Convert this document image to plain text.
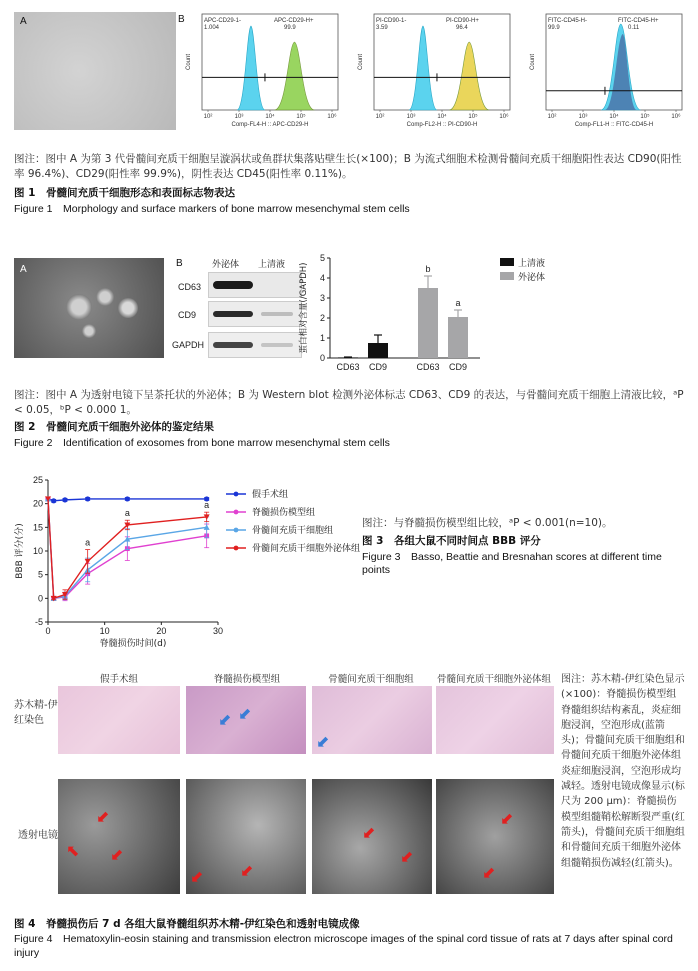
A	B	APC-CD29-1-
1.004
APC-CD29-H+
99.9
Comp-FL4-H :: APC-CD29-H
Count
10²	10³	10⁴	10⁵	10⁶
PI-CD90-1-
3.59
PI-CD90-H+
96.4
Comp-FL2-H :: PI-CD90-H
Count
10²	10³	10⁴	10⁵	10⁶
FITC-CD45-H-
99.9
FITC-CD45-H+
0.11
Comp-FL1-H :: FITC-CD45-H
Count
10²	10³	10⁴	10⁵	10⁶
图注：图中 A 为第 3 代骨髓间充质干细胞呈漩涡状或鱼群状集落贴壁生长(×100)；B 为流式细胞术检测骨髓间充质干细胞阳性表达 CD90(阳性率 96.4%)、CD29(阳性率 99.9%)，阴性表达 CD45(阳性率 0.11%)。
图 1　骨髓间充质干细胞形态和表面标志物表达
Figure 1　Morphology and surface markers of bone marrow mesenchymal stem cells
A
B	外泌体 上清液
CD63
CD9
GAPDH
0
1
2
3
4
5
蛋白相对含量(/GAPDH)
CD63 CD9	CD63
b
CD9
a
上清液
外泌体
图注：图中 A 为透射电镜下呈茶托状的外泌体；B 为 Western blot 检测外泌体标志 CD63、CD9 的表达，与骨髓间充质干细胞上清液比较，ᵃP < 0.05，ᵇP < 0.000 1。
图 2　骨髓间充质干细胞外泌体的鉴定结果
Figure 2　Identification of exosomes from bone marrow mesenchymal stem cells
-5
0
5
10
15
20
25
0	10	20	30
脊髓损伤时间(d)
BBB 评分(分)	a
a
a
假手术组
脊髓损伤模型组
骨髓间充质干细胞组
骨髓间充质干细胞外泌体组
图注：与脊髓损伤模型组比较，ᵃP < 0.001(n=10)。
图 3　各组大鼠不同时间点 BBB 评分
Figure 3　Basso, Beattie and Bresnahan scores at different time points
假手术组	脊髓损伤模型组	骨髓间充质干细胞组	骨髓间充质干细胞外泌体组
苏木精-伊红染色
透射电镜
⬋ ⬋
⬋
⬋
⬉ ⬋
⬋ ⬋
⬋
⬋
⬋
⬋
图注：苏木精-伊红染色显示(×100)：脊髓损伤模型组脊髓组织结构紊乱，炎症细胞浸润，空泡形成(蓝箭头)；骨髓间充质干细胞组和骨髓间充质干细胞外泌体组炎症细胞浸润，空泡形成均减轻。透射电镜成像显示(标尺为 200 μm)：脊髓损伤模型组髓鞘松解断裂严重(红箭头)，骨髓间充质干细胞组和骨髓间充质干细胞外泌体组髓鞘损伤减轻(红箭头)。
图 4　脊髓损伤后 7 d 各组大鼠脊髓组织苏木精-伊红染色和透射电镜成像
Figure 4　Hematoxylin-eosin staining and transmission electron microscope images of the spinal cord tissue of rats at 7 days after spinal cord injury
